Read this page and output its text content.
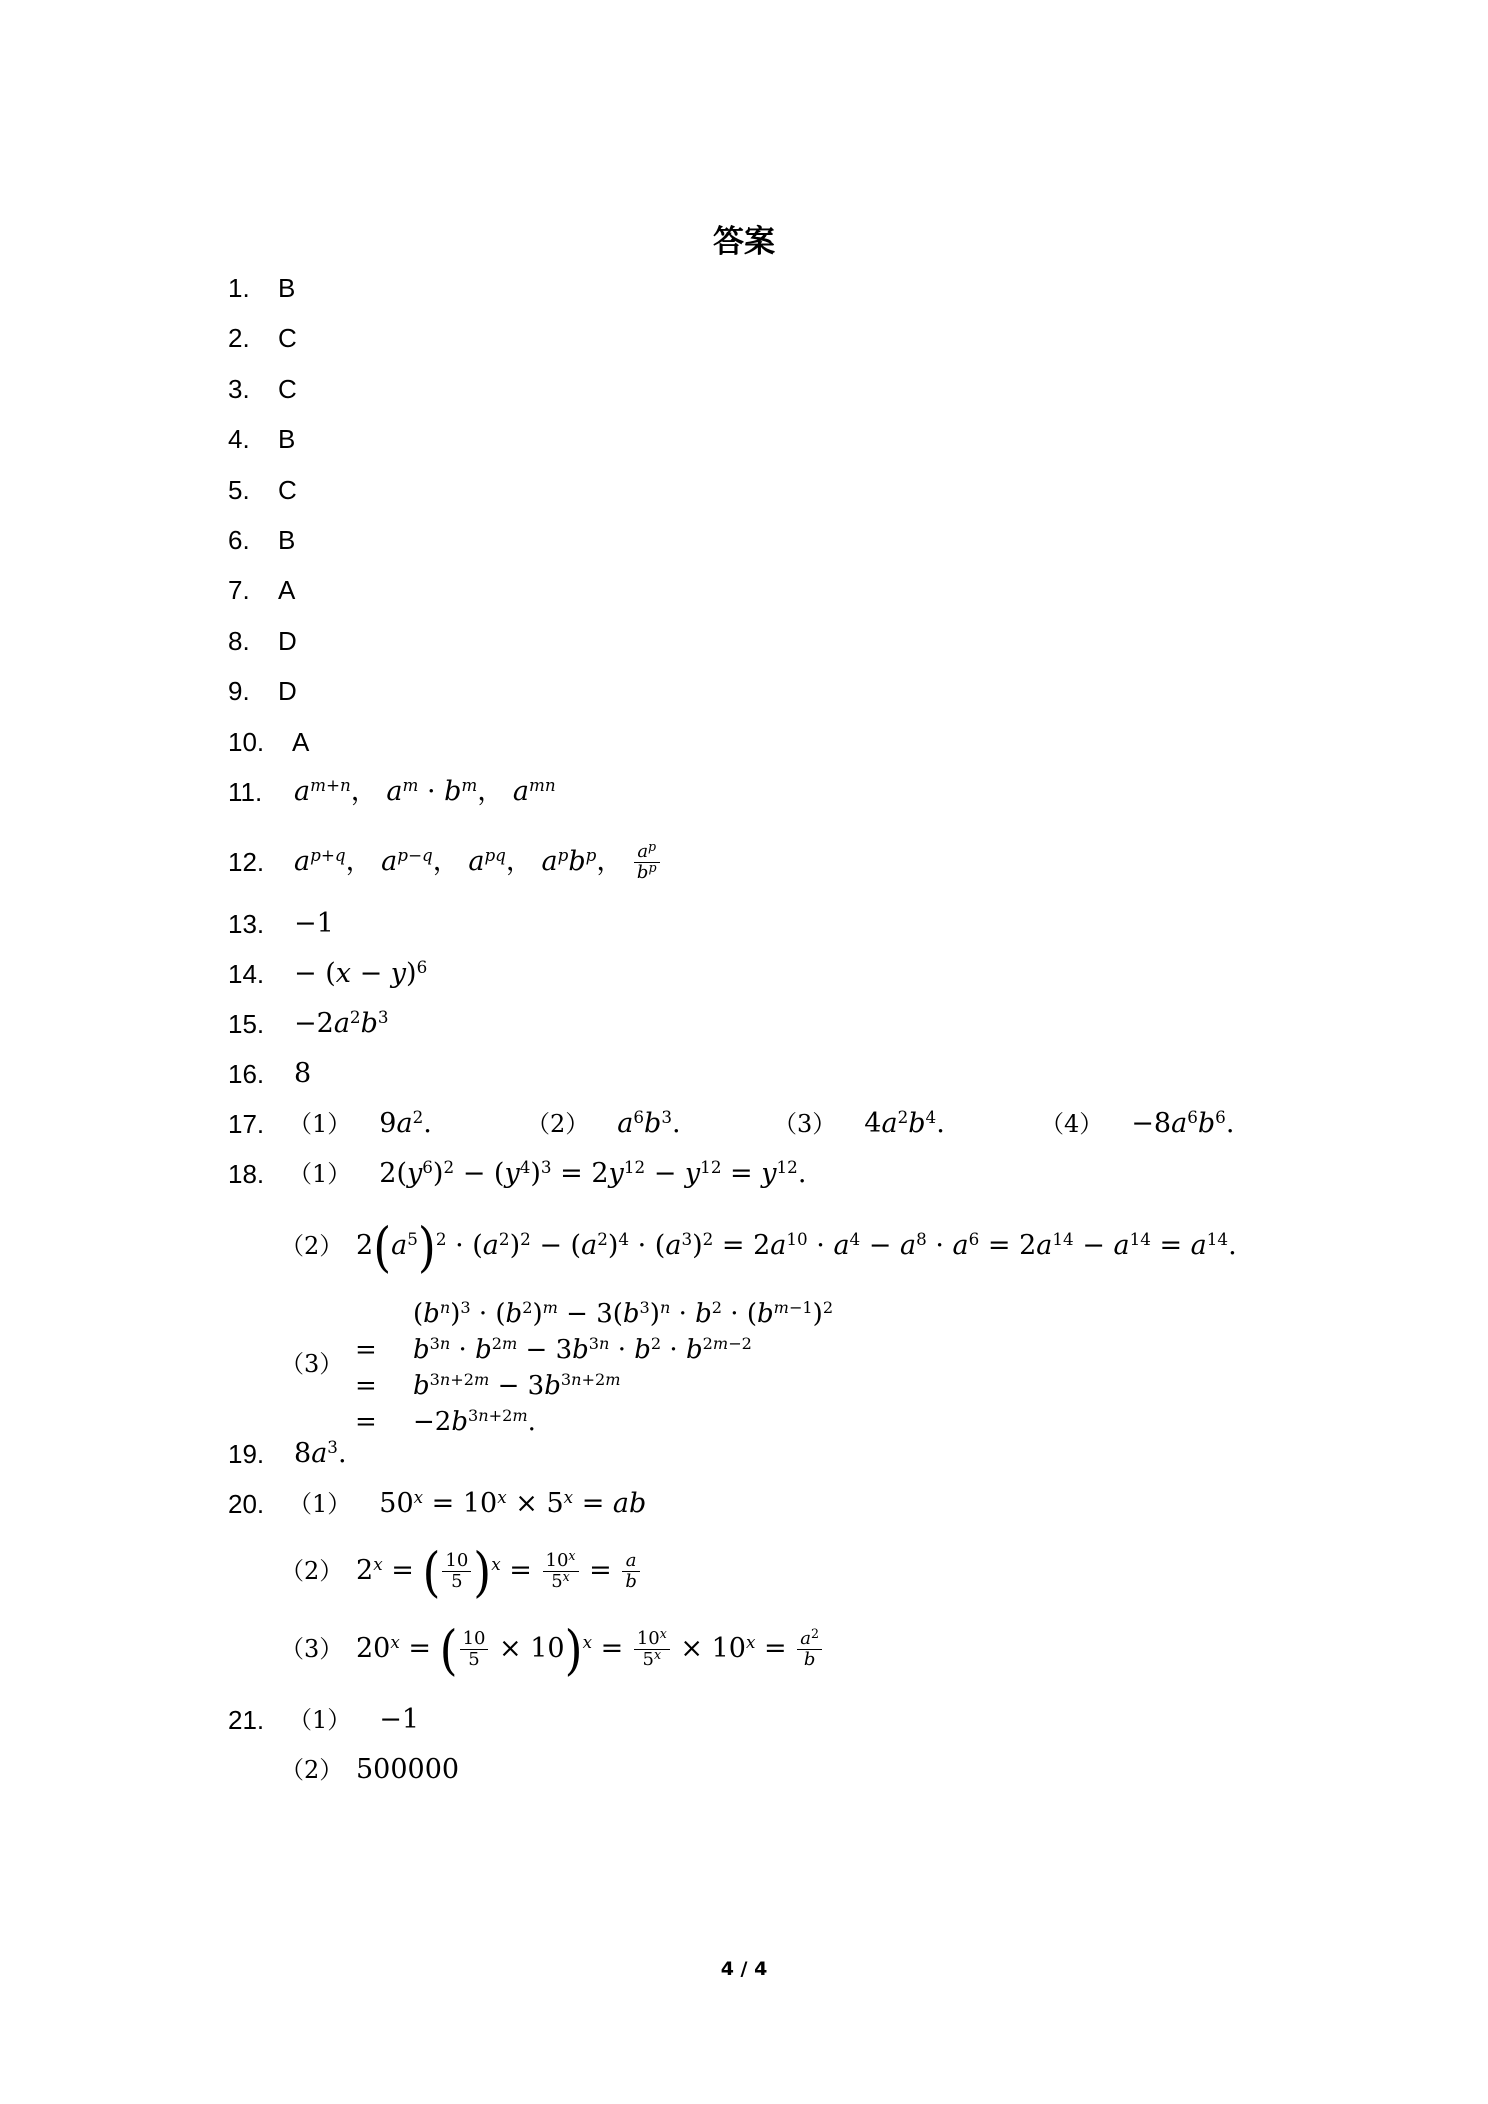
答案
1.	B
2.	C
3.	C
4.	B
5.	C
6.	B
7.	A
8.	D
9.	D
10.	A
11.	$a^{m+n}$， $a^m \cdot b^m$， $a^{mn}$
12.	$a^{p+q}$， $a^{p-q}$， $a^{pq}$， $a^pb^p$， $\frac{a^p}{b^p}$
13.	−1
14.	− $(x - y)^6$
15.	$-2a^2b^3$
16.	8
17. （1） $9a^2$.	（2） $a^6b^3$.	（3） $4a^2b^4$.	$(4) -8a^6b^6$.
18. （1） $2(y^6)^2 - (y^4)^3 = 2y^{12} - y^{12} = y^{12}$.
（2） $2(a^5)^2 \cdot (a^2)^2 - (a^2)^4 \cdot (a^3)^2 = 2a^{10} \cdot a^4 - a^8 \cdot a^6 = 2a^{14} - a^{14} = a^{14}$.
（3）
$(b^n)^3 \cdot (b^2)^m - 3(b^3)^n \cdot b^2 \cdot (b^{m-1})^2$
= $b^{3n} \cdot b^{2m} - 3b^{3n} \cdot b^2 \cdot b^{2m-2}$
= $b^{3n+2m} - 3b^{3n+2m}$
= $-2b^{3n+2m}$.
19.	$8a^3$.
20. （1） $50^x = 10^x \times 5^x$ = ab
（2） $2^x$ = ( $\frac{10}{5} )^x = \frac{10^x}{5^x} = \frac{a}{b}$
（3） $20^x$ = ( $\frac{10}{5} \times 10)^x = \frac{10^x}{5^x} \times 10^x = \frac{a^2}{b}$
21. （1） −1
（2） 500000
4 / 4
